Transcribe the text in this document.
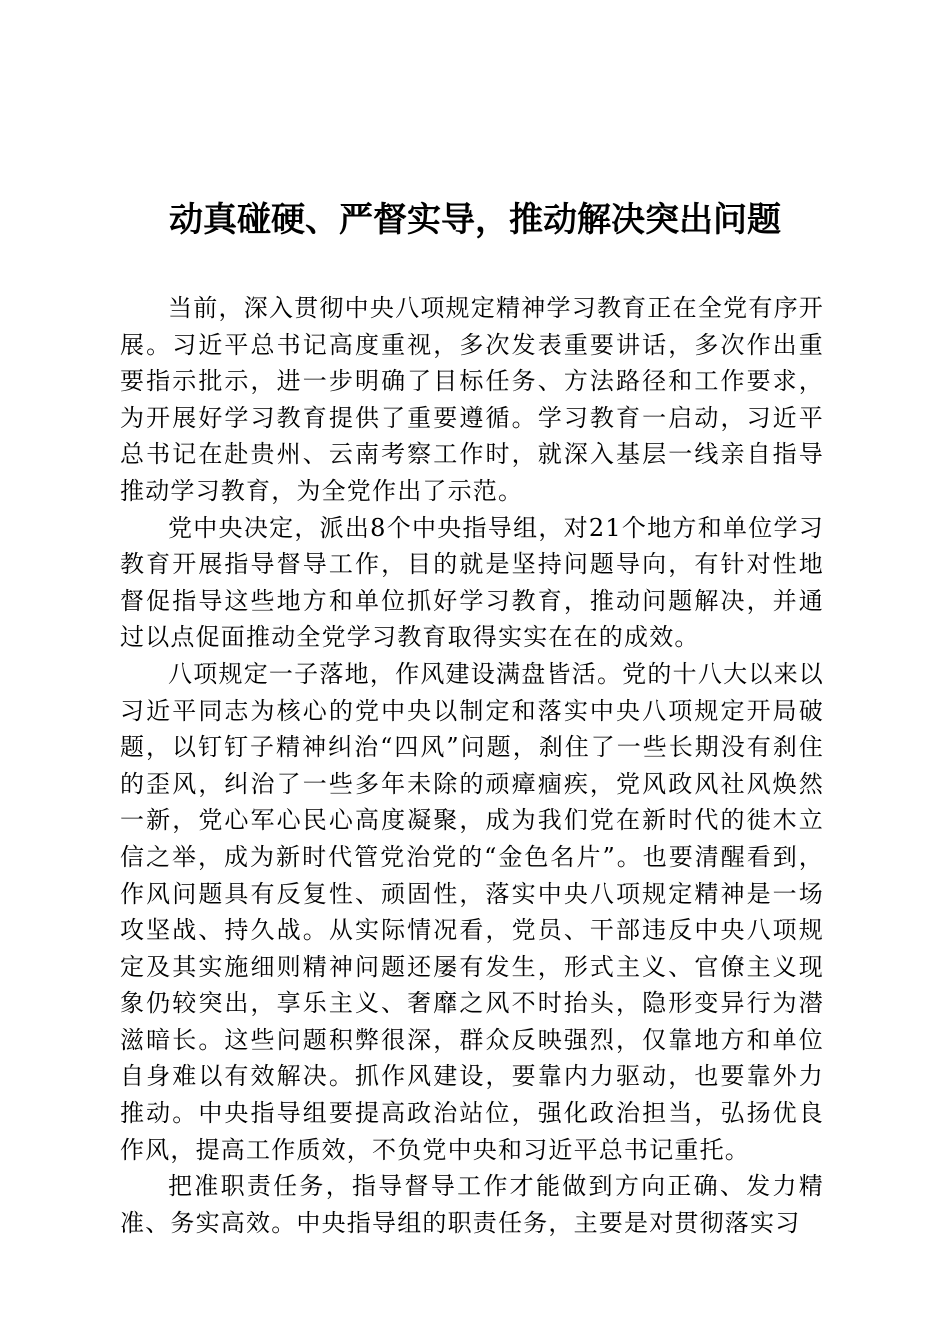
动真碰硬、严督实导，推动解决突出问题

当前，深入贯彻中央八项规定精神学习教育正在全党有序开展。习近平总书记高度重视，多次发表重要讲话，多次作出重要指示批示，进一步明确了目标任务、方法路径和工作要求，为开展好学习教育提供了重要遵循。学习教育一启动，习近平总书记在赴贵州、云南考察工作时，就深入基层一线亲自指导推动学习教育，为全党作出了示范。

党中央决定，派出8个中央指导组，对21个地方和单位学习教育开展指导督导工作，目的就是坚持问题导向，有针对性地督促指导这些地方和单位抓好学习教育，推动问题解决，并通过以点促面推动全党学习教育取得实实在在的成效。

八项规定一子落地，作风建设满盘皆活。党的十八大以来以习近平同志为核心的党中央以制定和落实中央八项规定开局破题，以钉钉子精神纠治“四风”问题，刹住了一些长期没有刹住的歪风，纠治了一些多年未除的顽瘴痼疾，党风政风社风焕然一新，党心军心民心高度凝聚，成为我们党在新时代的徙木立信之举，成为新时代管党治党的“金色名片”。也要清醒看到，作风问题具有反复性、顽固性，落实中央八项规定精神是一场攻坚战、持久战。从实际情况看，党员、干部违反中央八项规定及其实施细则精神问题还屡有发生，形式主义、官僚主义现象仍较突出，享乐主义、奢靡之风不时抬头，隐形变异行为潜滋暗长。这些问题积弊很深，群众反映强烈，仅靠地方和单位自身难以有效解决。抓作风建设，要靠内力驱动，也要靠外力推动。中央指导组要提高政治站位，强化政治担当，弘扬优良作风，提高工作质效，不负党中央和习近平总书记重托。

把准职责任务，指导督导工作才能做到方向正确、发力精准、务实高效。中央指导组的职责任务，主要是对贯彻落实习
